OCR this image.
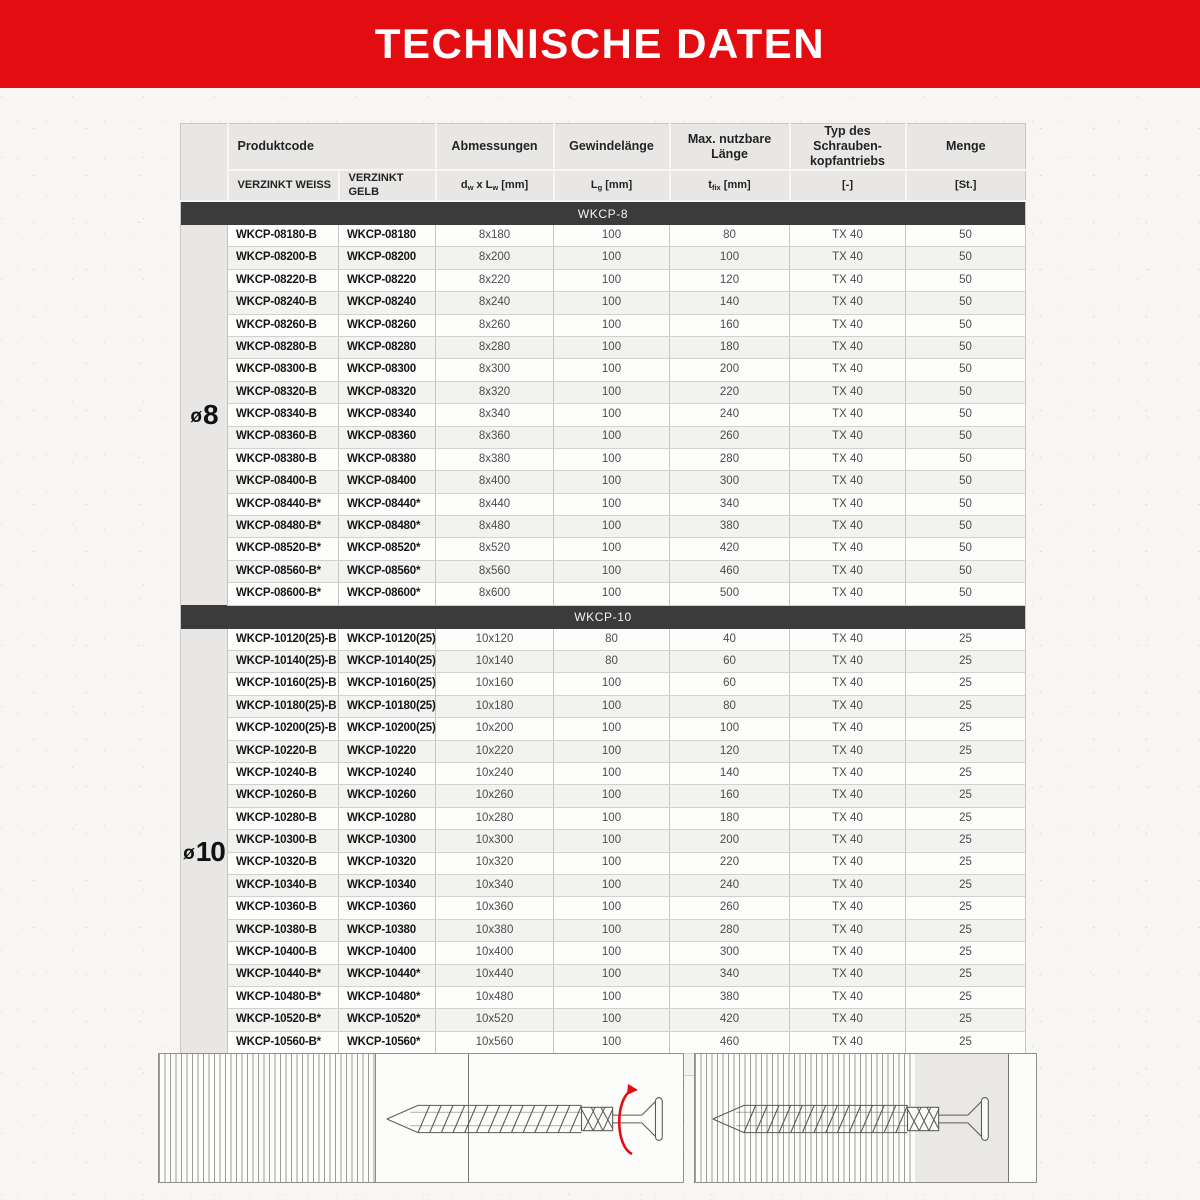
TECHNISCHE DATEN
	Produktcode		Abmessungen	Gewindelänge	Max. nutzbare Länge	Typ des Schrauben-
kopfantriebs	Menge
	VERZINKT WEISS	VERZINKT GELB	$d_w$ x $L_w$ [mm]	$L_g$ [mm]	$t_{fix}$ [mm]	[-]	[St.]
WKCP-8							
ø8	WKCP-08180-B	WKCP-08180	8x180	100	80	TX 40	50
	WKCP-08200-B	WKCP-08200	8x200	100	100	TX 40	50
	WKCP-08220-B	WKCP-08220	8x220	100	120	TX 40	50
	WKCP-08240-B	WKCP-08240	8x240	100	140	TX 40	50
	WKCP-08260-B	WKCP-08260	8x260	100	160	TX 40	50
	WKCP-08280-B	WKCP-08280	8x280	100	180	TX 40	50
	WKCP-08300-B	WKCP-08300	8x300	100	200	TX 40	50
	WKCP-08320-B	WKCP-08320	8x320	100	220	TX 40	50
	WKCP-08340-B	WKCP-08340	8x340	100	240	TX 40	50
	WKCP-08360-B	WKCP-08360	8x360	100	260	TX 40	50
	WKCP-08380-B	WKCP-08380	8x380	100	280	TX 40	50
	WKCP-08400-B	WKCP-08400	8x400	100	300	TX 40	50
	WKCP-08440-B*	WKCP-08440*	8x440	100	340	TX 40	50
	WKCP-08480-B*	WKCP-08480*	8x480	100	380	TX 40	50
	WKCP-08520-B*	WKCP-08520*	8x520	100	420	TX 40	50
	WKCP-08560-B*	WKCP-08560*	8x560	100	460	TX 40	50
	WKCP-08600-B*	WKCP-08600*	8x600	100	500	TX 40	50
WKCP-10							
ø10	WKCP-10120(25)-B	WKCP-10120(25)	10x120	80	40	TX 40	25
	WKCP-10140(25)-B	WKCP-10140(25)	10x140	80	60	TX 40	25
	WKCP-10160(25)-B	WKCP-10160(25)	10x160	100	60	TX 40	25
	WKCP-10180(25)-B	WKCP-10180(25)	10x180	100	80	TX 40	25
	WKCP-10200(25)-B	WKCP-10200(25)	10x200	100	100	TX 40	25
	WKCP-10220-B	WKCP-10220	10x220	100	120	TX 40	25
	WKCP-10240-B	WKCP-10240	10x240	100	140	TX 40	25
	WKCP-10260-B	WKCP-10260	10x260	100	160	TX 40	25
	WKCP-10280-B	WKCP-10280	10x280	100	180	TX 40	25
	WKCP-10300-B	WKCP-10300	10x300	100	200	TX 40	25
	WKCP-10320-B	WKCP-10320	10x320	100	220	TX 40	25
	WKCP-10340-B	WKCP-10340	10x340	100	240	TX 40	25
	WKCP-10360-B	WKCP-10360	10x360	100	260	TX 40	25
	WKCP-10380-B	WKCP-10380	10x380	100	280	TX 40	25
	WKCP-10400-B	WKCP-10400	10x400	100	300	TX 40	25
	WKCP-10440-B*	WKCP-10440*	10x440	100	340	TX 40	25
	WKCP-10480-B*	WKCP-10480*	10x480	100	380	TX 40	25
	WKCP-10520-B*	WKCP-10520*	10x520	100	420	TX 40	25
	WKCP-10560-B*	WKCP-10560*	10x560	100	460	TX 40	25
